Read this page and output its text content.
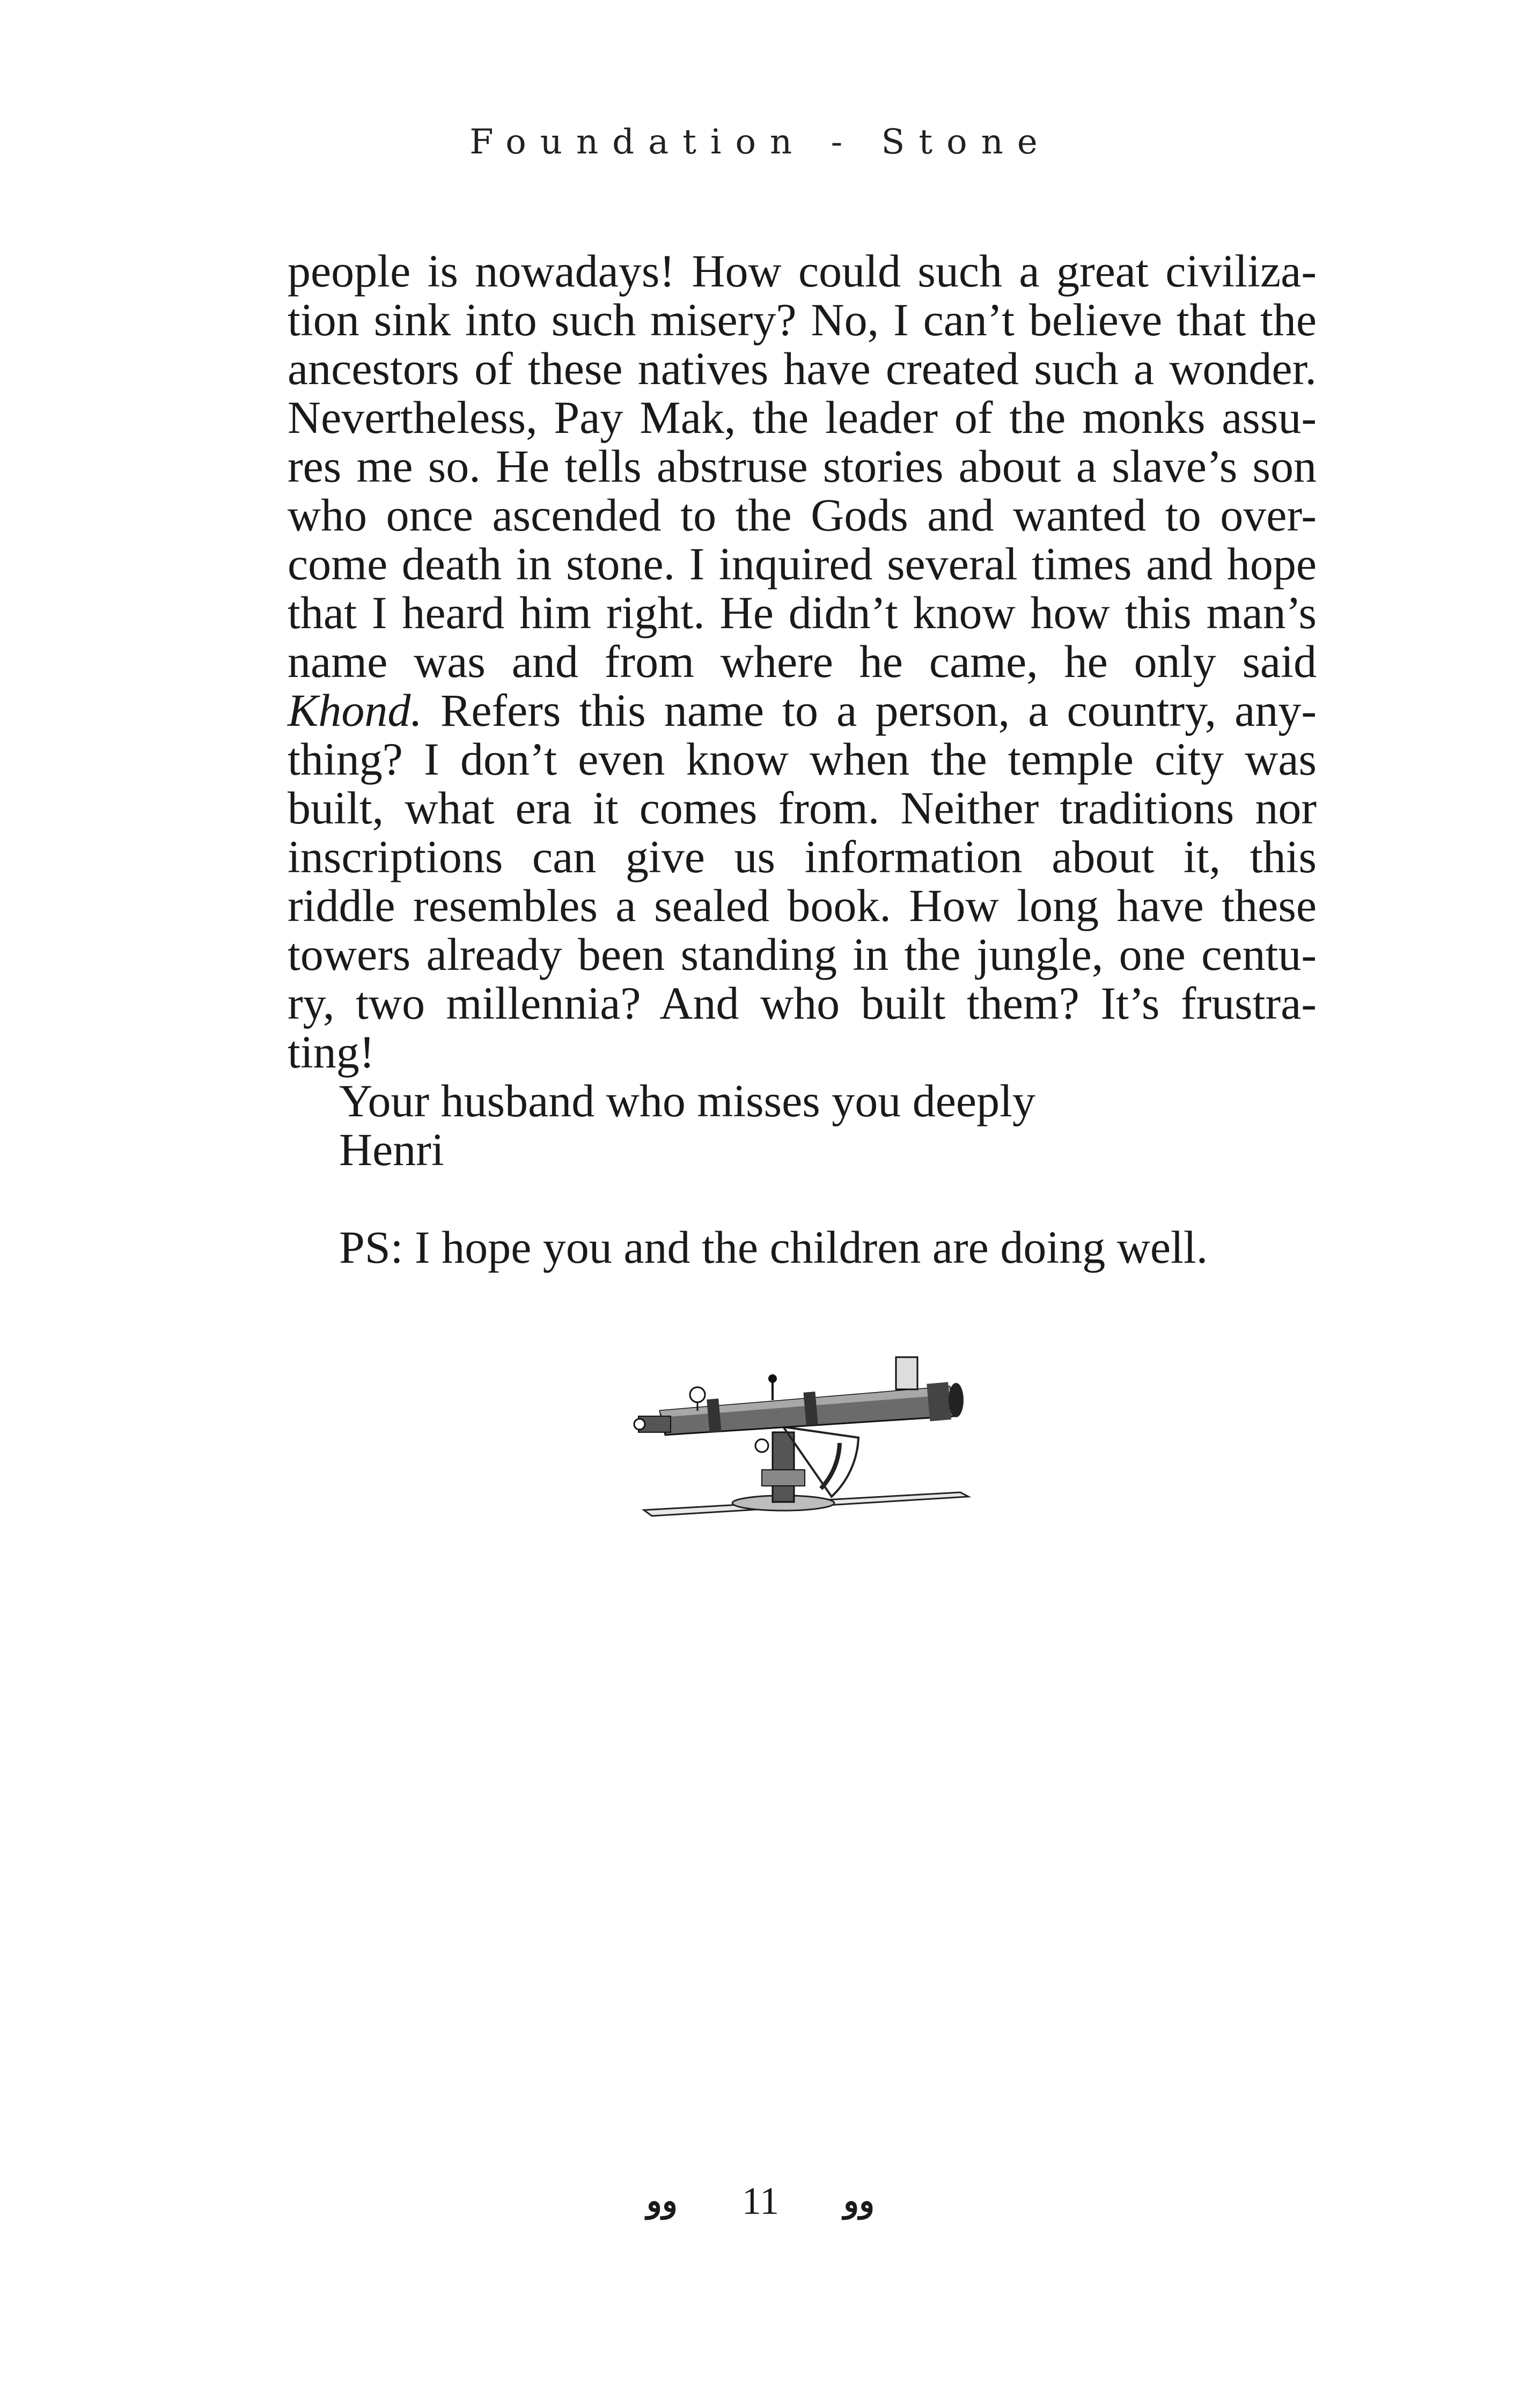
Foundation - Stone
people is nowadays! How could such a great civiliza-
tion sink into such misery? No, I can’t believe that the
ancestors of these natives have created such a wonder.
Nevertheless, Pay Mak, the leader of the monks assu-
res me so. He tells abstruse stories about a slave’s son
who once ascended to the Gods and wanted to over-
come death in stone. I inquired several times and hope
that I heard him right. He didn’t know how this man’s
name was and from where he came, he only said
Khond. Refers this name to a person, a country, any-
thing? I don’t even know when the temple city was
built, what era it comes from. Neither traditions nor
inscriptions can give us information about it, this
riddle resembles a sealed book. How long have these
towers already been standing in the jungle, one centu-
ry, two millennia? And who built them? It’s frustra-
ting!
Your husband who misses you deeply
Henri
PS: I hope you and the children are doing well.
ﻭﻭ 11 ﻭﻭ
